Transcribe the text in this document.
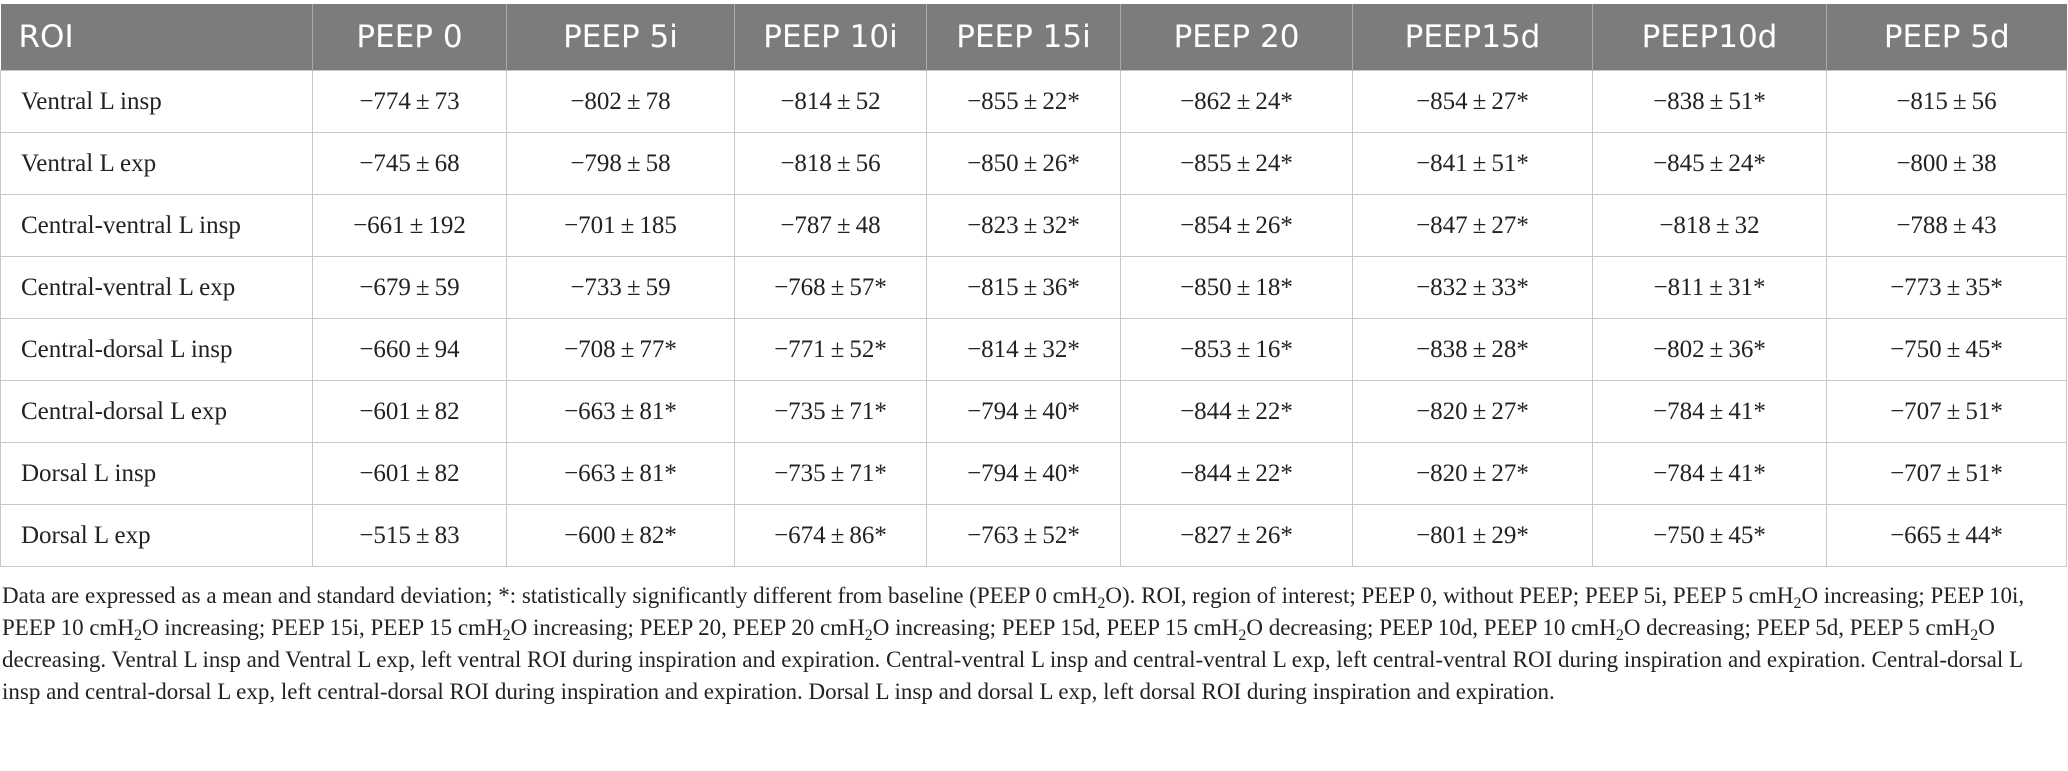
ROI	PEEP 0	PEEP 5i	PEEP 10i	PEEP 15i	PEEP 20	PEEP15d	PEEP10d	PEEP 5d
Ventral L insp	−774 ± 73	−802 ± 78	−814 ± 52	−855 ± 22*	−862 ± 24*	−854 ± 27*	−838 ± 51*	−815 ± 56
Ventral L exp	−745 ± 68	−798 ± 58	−818 ± 56	−850 ± 26*	−855 ± 24*	−841 ± 51*	−845 ± 24*	−800 ± 38
Central-ventral L insp	−661 ± 192	−701 ± 185	−787 ± 48	−823 ± 32*	−854 ± 26*	−847 ± 27*	−818 ± 32	−788 ± 43
Central-ventral L exp	−679 ± 59	−733 ± 59	−768 ± 57*	−815 ± 36*	−850 ± 18*	−832 ± 33*	−811 ± 31*	−773 ± 35*
Central-dorsal L insp	−660 ± 94	−708 ± 77*	−771 ± 52*	−814 ± 32*	−853 ± 16*	−838 ± 28*	−802 ± 36*	−750 ± 45*
Central-dorsal L exp	−601 ± 82	−663 ± 81*	−735 ± 71*	−794 ± 40*	−844 ± 22*	−820 ± 27*	−784 ± 41*	−707 ± 51*
Dorsal L insp	−601 ± 82	−663 ± 81*	−735 ± 71*	−794 ± 40*	−844 ± 22*	−820 ± 27*	−784 ± 41*	−707 ± 51*
Dorsal L exp	−515 ± 83	−600 ± 82*	−674 ± 86*	−763 ± 52*	−827 ± 26*	−801 ± 29*	−750 ± 45*	−665 ± 44*
Data are expressed as a mean and standard deviation; *: statistically significantly different from baseline (PEEP 0 cmH$_2$O). ROI, region of interest; PEEP 0, without PEEP; PEEP 5i, PEEP 5 cmH$_2$O increasing; PEEP 10i, PEEP 10 cmH$_2$O increasing; PEEP 15i, PEEP 15 cmH$_2$O increasing; PEEP 20, PEEP 20 cmH$_2$O increasing; PEEP 15d, PEEP 15 cmH$_2$O decreasing; PEEP 10d, PEEP 10 cmH$_2$O decreasing; PEEP 5d, PEEP 5 cmH$_2$O decreasing. Ventral L insp and Ventral L exp, left ventral ROI during inspiration and expiration. Central-ventral L insp and central-ventral L exp, left central-ventral ROI during inspiration and expiration. Central-dorsal L insp and central-dorsal L exp, left central-dorsal ROI during inspiration and expiration. Dorsal L insp and dorsal L exp, left dorsal ROI during inspiration and expiration.
